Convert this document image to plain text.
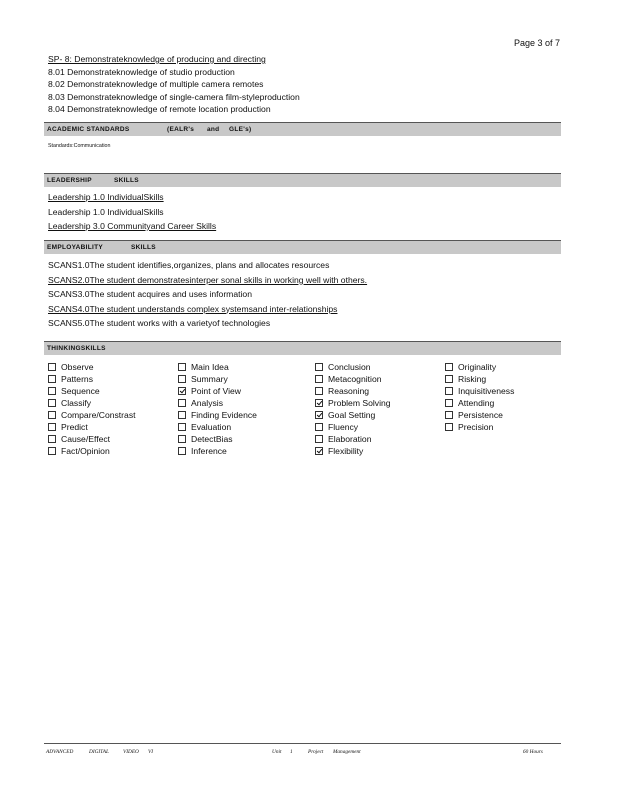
Page 3 of 7
SP- 8: Demonstrateknowledge of producing and directing
8.01 Demonstrateknowledge of studio production
8.02 Demonstrateknowledge of multiple camera remotes
8.03 Demonstrateknowledge of single-camera film-styleproduction
8.04 Demonstrateknowledge of remote location production
ACADEMIC STANDARDS	(EALR's and GLE's)
Standards:Communication
LEADERSHIP	SKILLS
Leadership 1.0 IndividualSkills
Leadership 1.0 IndividualSkills
Leadership 3.0 Communityand Career Skills
EMPLOYABILITY	SKILLS
SCANS1.0The student identifies,organizes, plans and allocates resources
SCANS2.0The student demonstratesinterper sonal skills in working well with others.
SCANS3.0The student acquires and uses information
SCANS4.0The student understands complex systemsand inter-relationships
SCANS5.0The student works with a varietyof technologies
THINKINGSKILLS
Observe
Patterns
Sequence
Classify
Compare/Constrast
Predict
Cause/Effect
Fact/Opinion
Main Idea
Summary
Point of View
Analysis
Finding Evidence
Evaluation
DetectBias
Inference
Conclusion
Metacognition
Reasoning
Problem Solving
Goal Setting
Fluency
Elaboration
Flexibility
Originality
Risking
Inquisitiveness
Attending
Persistence
Precision
ADVANCED	DIGITAL	VIDEO VI	Unit 1	Project Management	60 Hours
